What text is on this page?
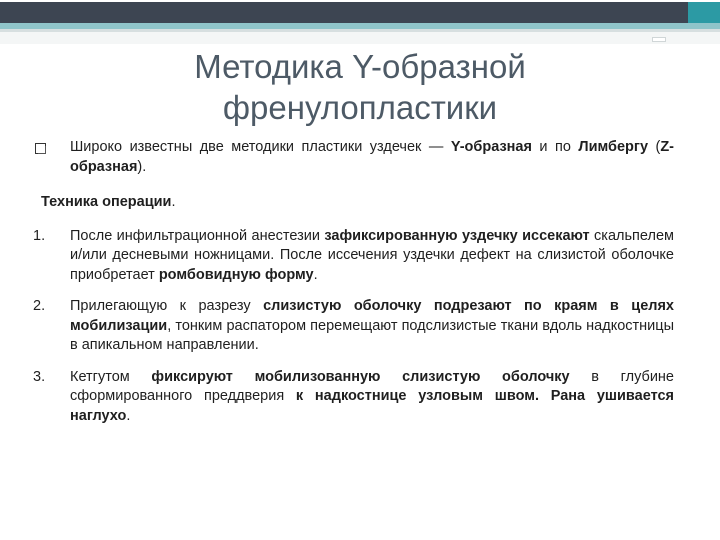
Методика Y-образной
френулопластики
Широко известны две методики пластики уздечек — Y-образная и по Лимбергу (Z-образная).
Техника операции.
1.	После инфильтрационной анестезии зафиксированную уздечку иссекают скальпелем и/или десневыми ножницами. После иссечения уздечки дефект на слизистой оболочке приобретает ромбовидную форму.
2.	Прилегающую к разрезу слизистую оболочку подрезают по краям в целях мобилизации, тонким распатором перемещают подслизистые ткани вдоль надкостницы в апикальном направлении.
3.	Кетгутом фиксируют мобилизованную слизистую оболочку в глубине сформированного преддверия к надкостнице узловым швом. Рана ушивается наглухо.
